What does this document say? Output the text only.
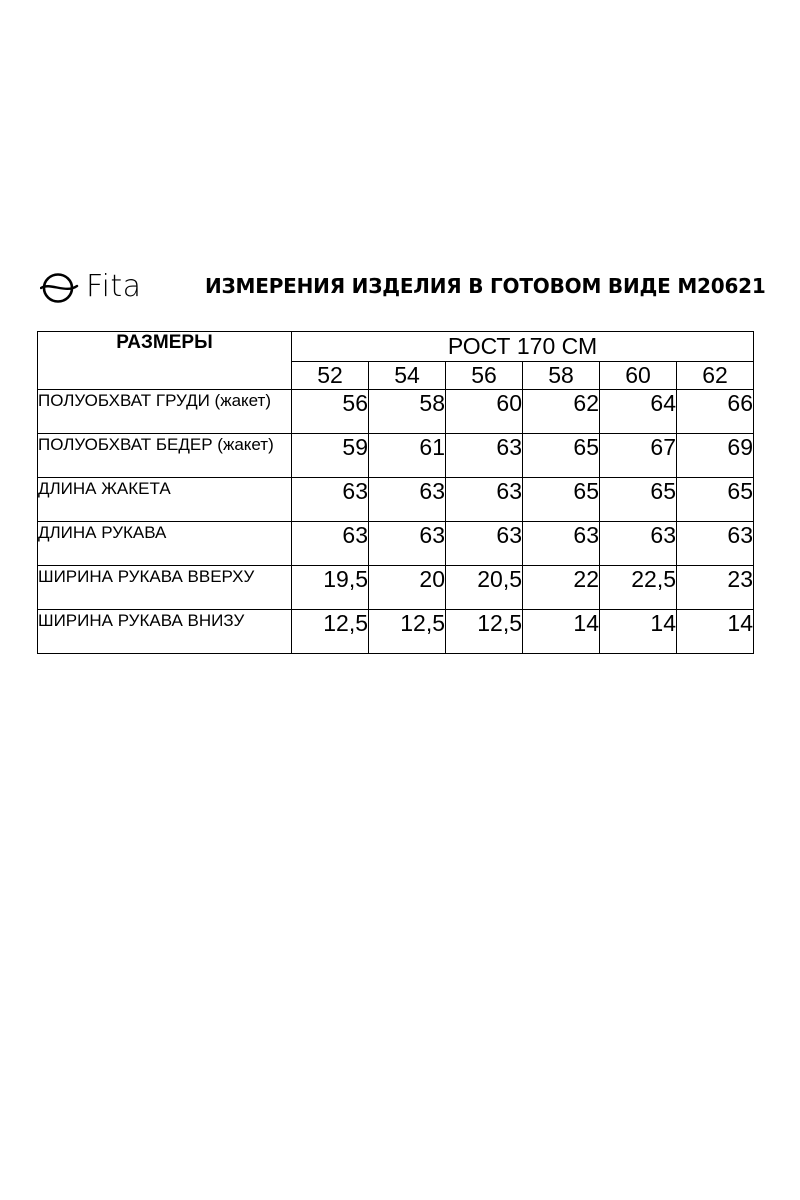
Fita	ИЗМЕРЕНИЯ ИЗДЕЛИЯ В ГОТОВОМ ВИДЕ М20621
РАЗМЕРЫ	РОСТ 170 СМ					
	52	54	56	58	60	62
ПОЛУОБХВАТ ГРУДИ (жакет)	56	58	60	62	64	66
ПОЛУОБХВАТ БЕДЕР (жакет)	59	61	63	65	67	69
ДЛИНА ЖАКЕТА	63	63	63	65	65	65
ДЛИНА РУКАВА	63	63	63	63	63	63
ШИРИНА РУКАВА ВВЕРХУ	19,5	20	20,5	22	22,5	23
ШИРИНА РУКАВА ВНИЗУ	12,5	12,5	12,5	14	14	14
